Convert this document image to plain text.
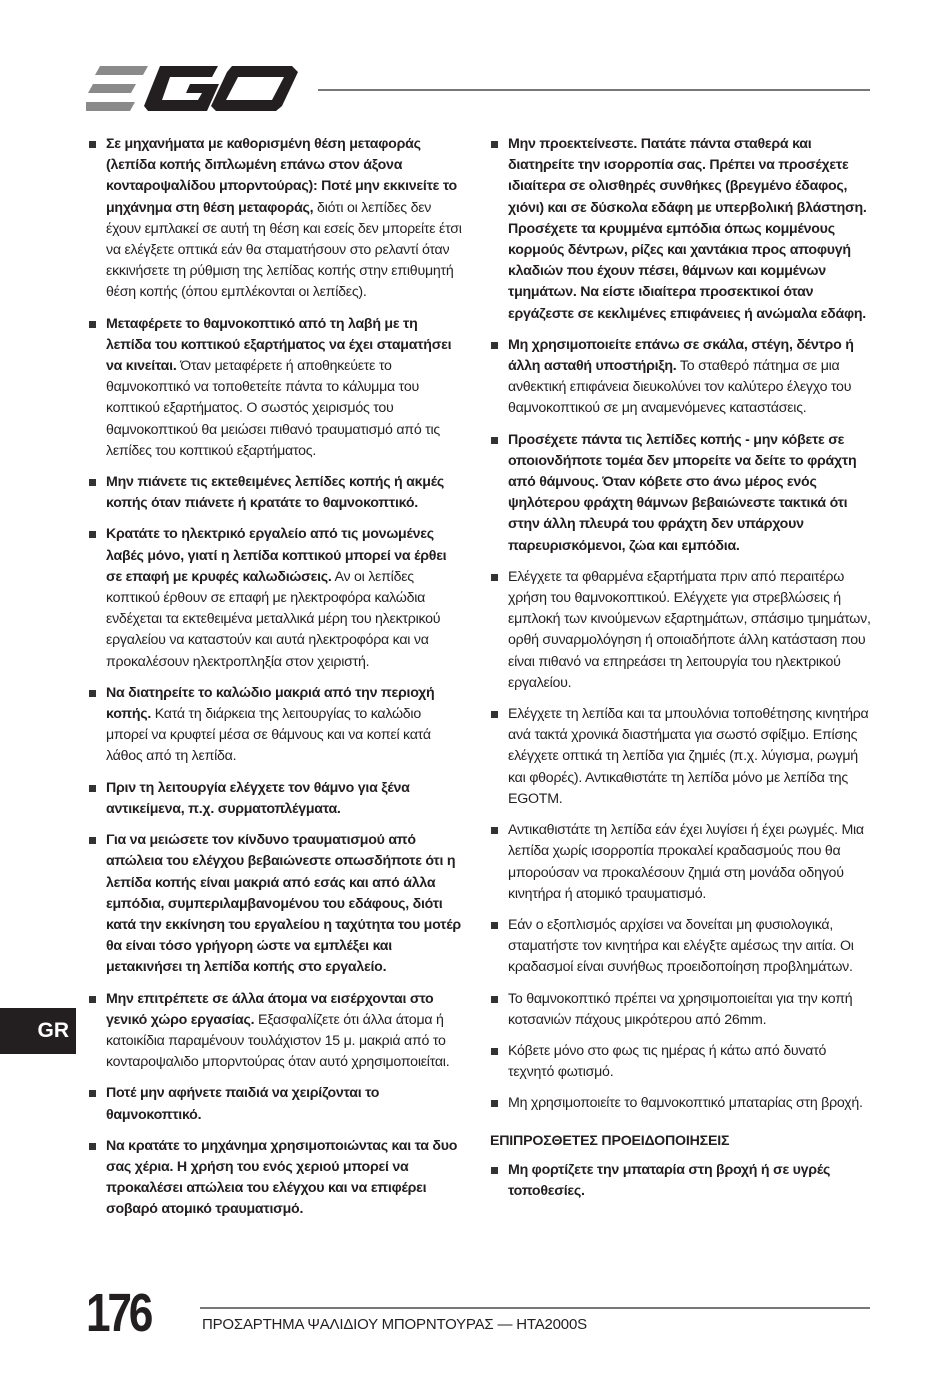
Σε μηχανήματα με καθορισμένη θέση μεταφοράς (λεπίδα κοπής διπλωμένη επάνω στον άξονα κονταροψαλίδου μπορντούρας): Ποτέ μην εκκινείτε το μηχάνημα στη θέση μεταφοράς, διότι οι λεπίδες δεν έχουν εμπλακεί σε αυτή τη θέση και εσείς δεν μπορείτε έτσι να ελέγξετε οπτικά εάν θα σταματήσουν στο ρελαντί όταν εκκινήσετε τη ρύθμιση της λεπίδας κοπής στην επιθυμητή θέση κοπής (όπου εμπλέκονται οι λεπίδες).
Μεταφέρετε το θαμνοκοπτικό από τη λαβή με τη λεπίδα του κοπτικού εξαρτήματος να έχει σταματήσει να κινείται. Όταν μεταφέρετε ή αποθηκεύετε το θαμνοκοπτικό να τοποθετείτε πάντα το κάλυμμα του κοπτικού εξαρτήματος. Ο σωστός χειρισμός του θαμνοκοπτικού θα μειώσει πιθανό τραυματισμό από τις λεπίδες του κοπτικού εξαρτήματος.
Μην πιάνετε τις εκτεθειμένες λεπίδες κοπής ή ακμές κοπής όταν πιάνετε ή κρατάτε το θαμνοκοπτικό.
Κρατάτε το ηλεκτρικό εργαλείο από τις μονωμένες λαβές μόνο, γιατί η λεπίδα κοπτικού μπορεί να έρθει σε επαφή με κρυφές καλωδιώσεις. Αν οι λεπίδες κοπτικού έρθουν σε επαφή με ηλεκτροφόρα καλώδια ενδέχεται τα εκτεθειμένα μεταλλικά μέρη του ηλεκτρικού εργαλείου να καταστούν και αυτά ηλεκτροφόρα και να προκαλέσουν ηλεκτροπληξία στον χειριστή.
Να διατηρείτε το καλώδιο μακριά από την περιοχή κοπής. Κατά τη διάρκεια της λειτουργίας το καλώδιο μπορεί να κρυφτεί μέσα σε θάμνους και να κοπεί κατά λάθος από τη λεπίδα.
Πριν τη λειτουργία ελέγχετε τον θάμνο για ξένα αντικείμενα, π.χ. συρματοπλέγματα.
Για να μειώσετε τον κίνδυνο τραυματισμού από απώλεια του ελέγχου βεβαιώνεστε οπωσδήποτε ότι η λεπίδα κοπής είναι μακριά από εσάς και από άλλα εμπόδια, συμπεριλαμβανομένου του εδάφους, διότι κατά την εκκίνηση του εργαλείου η ταχύτητα του μοτέρ θα είναι τόσο γρήγορη ώστε να εμπλέξει και μετακινήσει τη λεπίδα κοπής στο εργαλείο.
Μην επιτρέπετε σε άλλα άτομα να εισέρχονται στο γενικό χώρο εργασίας. Εξασφαλίζετε ότι άλλα άτομα ή κατοικίδια παραμένουν τουλάχιστον 15 μ. μακριά από το κονταροψαλιδο μπορντούρας όταν αυτό χρησιμοποιείται.
Ποτέ μην αφήνετε παιδιά να χειρίζονται το θαμνοκοπτικό.
Να κρατάτε το μηχάνημα χρησιμοποιώντας και τα δυο σας χέρια. Η χρήση του ενός χεριού μπορεί να προκαλέσει απώλεια του ελέγχου και να επιφέρει σοβαρό ατομικό τραυματισμό.
Μην προεκτείνεστε. Πατάτε πάντα σταθερά και διατηρείτε την ισορροπία σας. Πρέπει να προσέχετε ιδιαίτερα σε ολισθηρές συνθήκες (βρεγμένο έδαφος, χιόνι) και σε δύσκολα εδάφη με υπερβολική βλάστηση. Προσέχετε τα κρυμμένα εμπόδια όπως κομμένους κορμούς δέντρων, ρίζες και χαντάκια προς αποφυγή κλαδιών που έχουν πέσει, θάμνων και κομμένων τμημάτων. Να είστε ιδιαίτερα προσεκτικοί όταν εργάζεστε σε κεκλιμένες επιφάνειες ή ανώμαλα εδάφη.
Μη χρησιμοποιείτε επάνω σε σκάλα, στέγη, δέντρο ή άλλη ασταθή υποστήριξη. Το σταθερό πάτημα σε μια ανθεκτική επιφάνεια διευκολύνει τον καλύτερο έλεγχο του θαμνοκοπτικού σε μη αναμενόμενες καταστάσεις.
Προσέχετε πάντα τις λεπίδες κοπής - μην κόβετε σε οποιονδήποτε τομέα δεν μπορείτε να δείτε το φράχτη από θάμνους. Όταν κόβετε στο άνω μέρος ενός ψηλότερου φράχτη θάμνων βεβαιώνεστε τακτικά ότι στην άλλη πλευρά του φράχτη δεν υπάρχουν παρευρισκόμενοι, ζώα και εμπόδια.
Ελέγχετε τα φθαρμένα εξαρτήματα πριν από περαιτέρω χρήση του θαμνοκοπτικού. Ελέγχετε για στρεβλώσεις ή εμπλοκή των κινούμενων εξαρτημάτων, σπάσιμο τμημάτων, ορθή συναρμολόγηση ή οποιαδήποτε άλλη κατάσταση που είναι πιθανό να επηρεάσει τη λειτουργία του ηλεκτρικού εργαλείου.
Ελέγχετε τη λεπίδα και τα μπουλόνια τοποθέτησης κινητήρα ανά τακτά χρονικά διαστήματα για σωστό σφίξιμο. Επίσης ελέγχετε οπτικά τη λεπίδα για ζημιές (π.χ. λύγισμα, ρωγμή και φθορές). Αντικαθιστάτε τη λεπίδα μόνο με λεπίδα της EGOTM.
Αντικαθιστάτε τη λεπίδα εάν έχει λυγίσει ή έχει ρωγμές. Μια λεπίδα χωρίς ισορροπία προκαλεί κραδασμούς που θα μπορούσαν να προκαλέσουν ζημιά στη μονάδα οδηγού κινητήρα ή ατομικό τραυματισμό.
Εάν ο εξοπλισμός αρχίσει να δονείται μη φυσιολογικά, σταματήστε τον κινητήρα και ελέγξτε αμέσως την αιτία. Οι κραδασμοί είναι συνήθως προειδοποίηση προβλημάτων.
Το θαμνοκοπτικό πρέπει να χρησιμοποιείται για την κοπή κοτσανιών πάχους μικρότερου από 26mm.
Κόβετε μόνο στο φως τις ημέρας ή κάτω από δυνατό τεχνητό φωτισμό.
Μη χρησιμοποιείτε το θαμνοκοπτικό μπαταρίας στη βροχή.
ΕΠΙΠΡΟΣΘΕΤΕΣ ΠΡΟΕΙΔΟΠΟΙΗΣΕΙΣ
Μη φορτίζετε την μπαταρία στη βροχή ή σε υγρές τοποθεσίες.
GR
176	ΠΡΟΣΑΡΤΗΜΑ ΨΑΛΙΔΙΟΥ ΜΠΟΡΝΤΟΥΡΑΣ — HTA2000S
